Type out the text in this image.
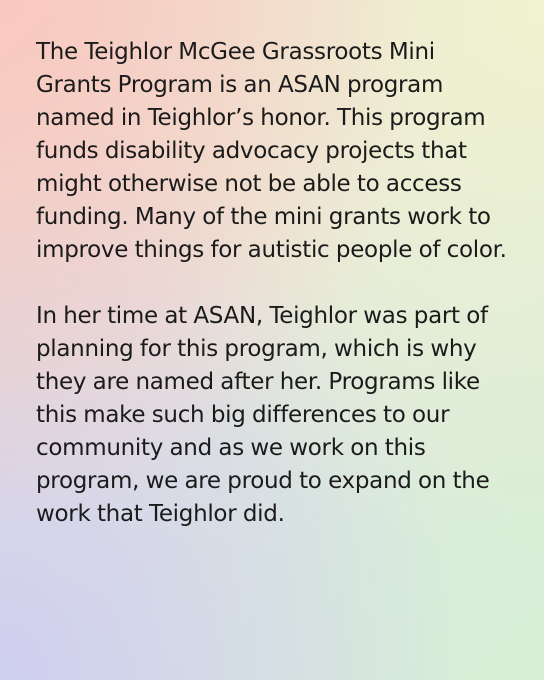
The Teighlor McGee Grassroots Mini Grants Program is an ASAN program named in Teighlor’s honor. This program funds disability advocacy projects that might otherwise not be able to access funding. Many of the mini grants work to improve things for autistic people of color.

In her time at ASAN, Teighlor was part of planning for this program, which is why they are named after her. Programs like this make such big differences to our community and as we work on this program, we are proud to expand on the work that Teighlor did.
